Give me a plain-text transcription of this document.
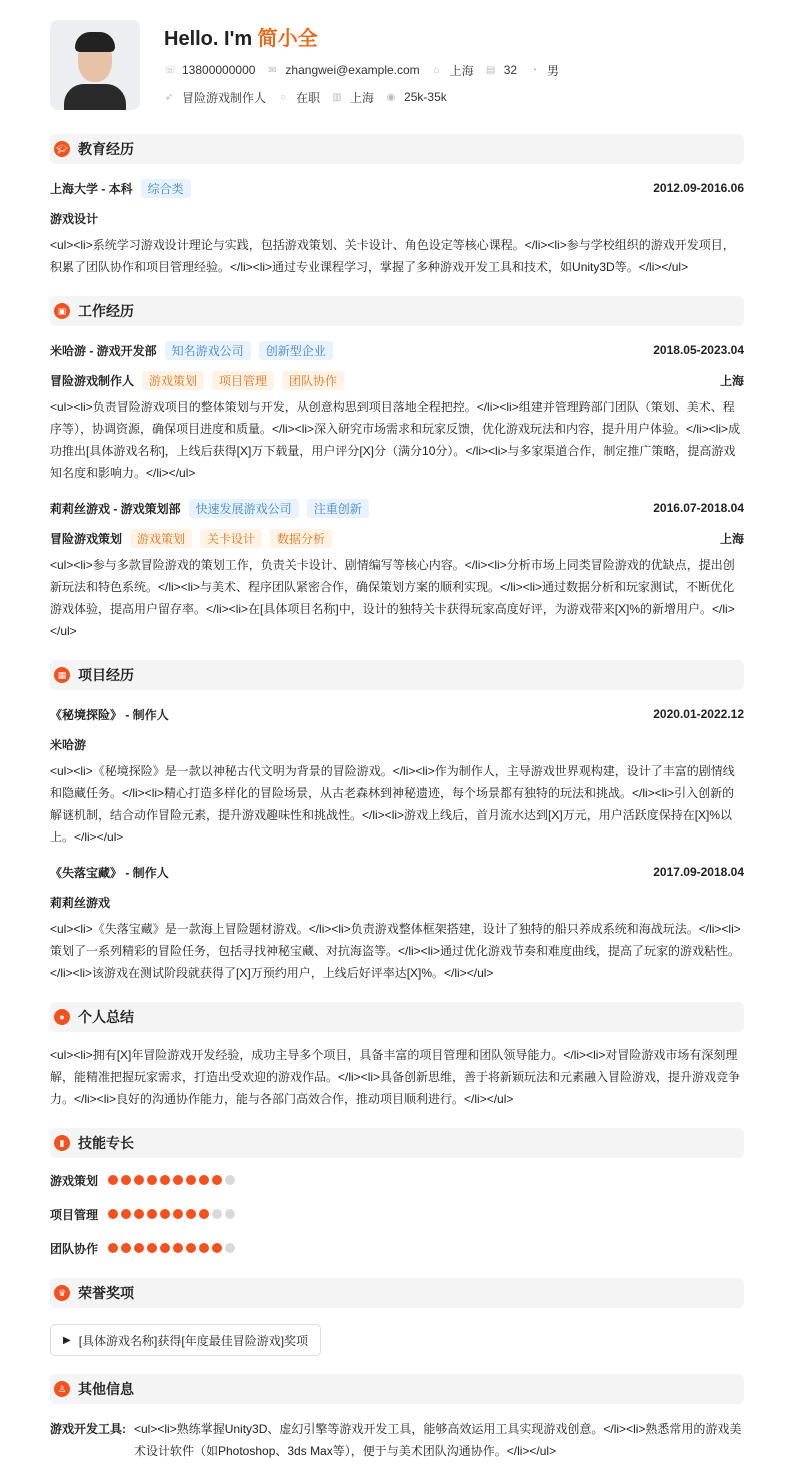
Hello. I'm 简小全
☏ 13800000000 ✉ zhangwei@example.com ⌂ 上海 ▤ 32 ◔ 男
➶ 冒险游戏制作人 ○ 在职 ▥ 上海 ◉ 25k-35k
🎓︎ 教育经历
上海大学 - 本科	综合类	2012.09-2016.06
游戏设计
<ul><li>系统学习游戏设计理论与实践，包括游戏策划、关卡设计、角色设定等核心课程。</li><li>参与学校组织的游戏开发项目，积累了团队协作和项目管理经验。</li><li>通过专业课程学习，掌握了多种游戏开发工具和技术，如Unity3D等。</li></ul>
▣ 工作经历
米哈游 - 游戏开发部	知名游戏公司	创新型企业	2018.05-2023.04
冒险游戏制作人	游戏策划	项目管理	团队协作	上海
<ul><li>负责冒险游戏项目的整体策划与开发，从创意构思到项目落地全程把控。</li><li>组建并管理跨部门团队（策划、美术、程序等），协调资源，确保项目进度和质量。</li><li>深入研究市场需求和玩家反馈，优化游戏玩法和内容，提升用户体验。</li><li>成功推出[具体游戏名称]，上线后获得[X]万下载量，用户评分[X]分（满分10分）。</li><li>与多家渠道合作，制定推广策略，提高游戏知名度和影响力。</li></ul>
莉莉丝游戏 - 游戏策划部	快速发展游戏公司	注重创新	2016.07-2018.04
冒险游戏策划	游戏策划	关卡设计	数据分析	上海
<ul><li>参与多款冒险游戏的策划工作，负责关卡设计、剧情编写等核心内容。</li><li>分析市场上同类冒险游戏的优缺点，提出创新玩法和特色系统。</li><li>与美术、程序团队紧密合作，确保策划方案的顺利实现。</li><li>通过数据分析和玩家测试，不断优化游戏体验，提高用户留存率。</li><li>在[具体项目名称]中，设计的独特关卡获得玩家高度好评，为游戏带来[X]%的新增用户。</li></ul>
▦ 项目经历
《秘境探险》 - 制作人	2020.01-2022.12
米哈游
<ul><li>《秘境探险》是一款以神秘古代文明为背景的冒险游戏。</li><li>作为制作人，主导游戏世界观构建，设计了丰富的剧情线和隐藏任务。</li><li>精心打造多样化的冒险场景，从古老森林到神秘遗迹，每个场景都有独特的玩法和挑战。</li><li>引入创新的解谜机制，结合动作冒险元素，提升游戏趣味性和挑战性。</li><li>游戏上线后，首月流水达到[X]万元，用户活跃度保持在[X]%以上。</li></ul>
《失落宝藏》 - 制作人	2017.09-2018.04
莉莉丝游戏
<ul><li>《失落宝藏》是一款海上冒险题材游戏。</li><li>负责游戏整体框架搭建，设计了独特的船只养成系统和海战玩法。</li><li>策划了一系列精彩的冒险任务，包括寻找神秘宝藏、对抗海盗等。</li><li>通过优化游戏节奏和难度曲线，提高了玩家的游戏粘性。</li><li>该游戏在测试阶段就获得了[X]万预约用户，上线后好评率达[X]%。</li></ul>
● 个人总结
<ul><li>拥有[X]年冒险游戏开发经验，成功主导多个项目，具备丰富的项目管理和团队领导能力。</li><li>对冒险游戏市场有深刻理解，能精准把握玩家需求，打造出受欢迎的游戏作品。</li><li>具备创新思维，善于将新颖玩法和元素融入冒险游戏，提升游戏竞争力。</li><li>良好的沟通协作能力，能与各部门高效合作，推动项目顺利进行。</li></ul>
▮ 技能专长
游戏策划
项目管理
团队协作
♛ 荣誉奖项
▶ [具体游戏名称]获得[年度最佳冒险游戏]奖项
♙ 其他信息
游戏开发工具: <ul><li>熟练掌握Unity3D、虚幻引擎等游戏开发工具，能够高效运用工具实现游戏创意。</li><li>熟悉常用的游戏美术设计软件（如Photoshop、3ds Max等），便于与美术团队沟通协作。</li></ul>
